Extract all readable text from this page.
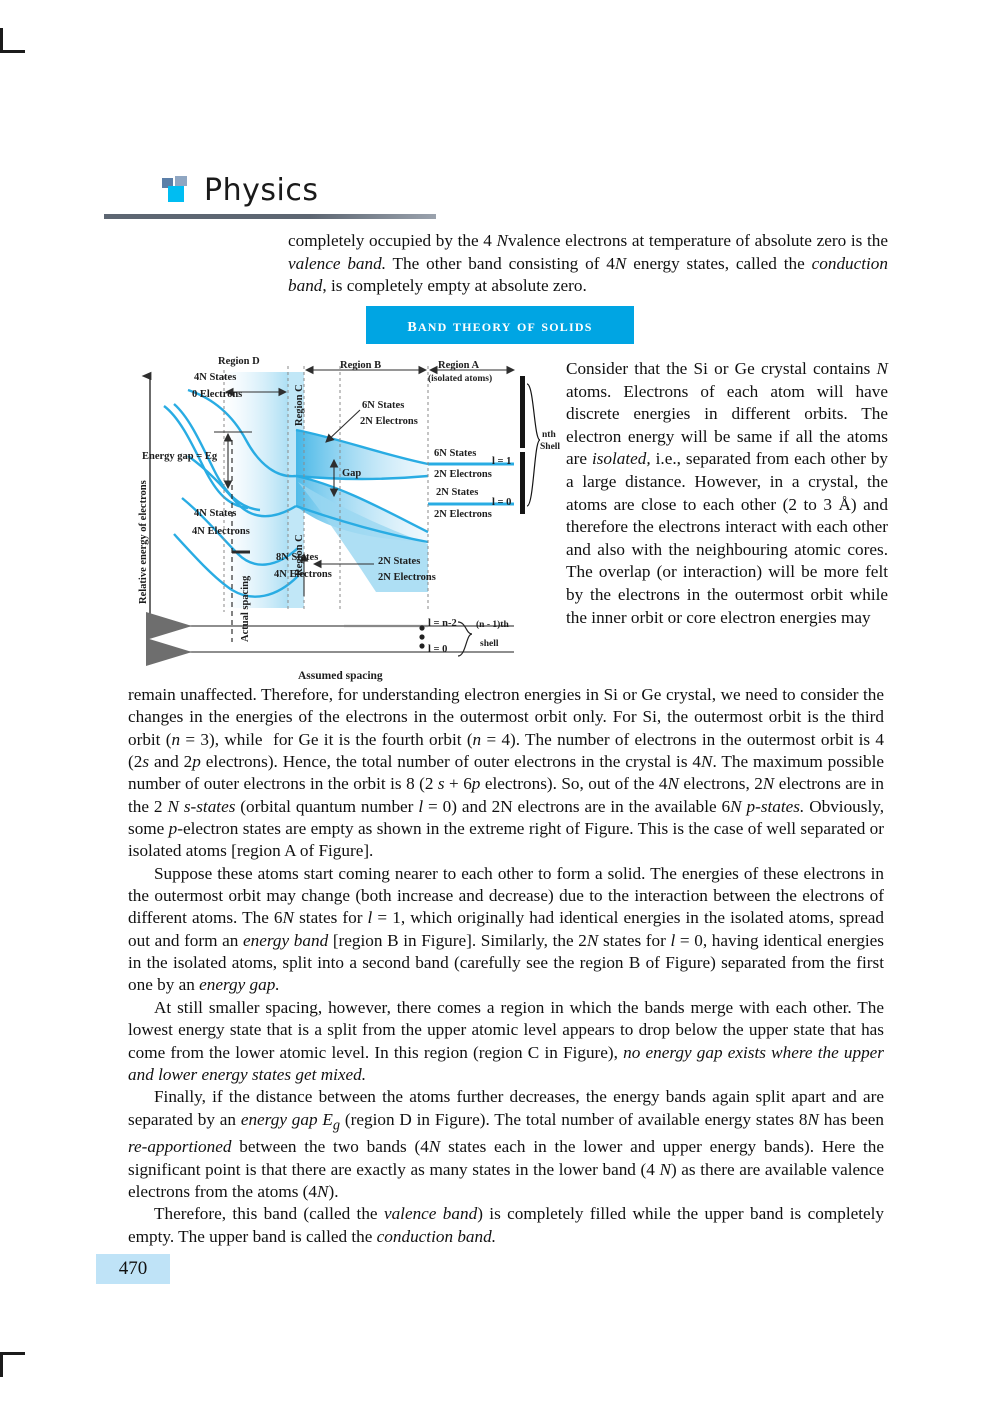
Physics
completely occupied by the 4 Nvalence electrons at temperature of absolute zero is the valence band. The other band consisting of 4N energy states, called the conduction band, is completely empty at absolute zero.
band theory of solids
Relative energy of electrons
Region D
Region C
Region C
Region B	Region A
(isolated atoms)
4N States
0 Electrons
Energy gap = Eg
4N States
4N Electrons
6N States
2N Electrons
Gap
2N States
2N Electrons
8N States
4N Electrons
6N States
2N Electrons
2N States
2N Electrons
l = 1
l = 0
nth
Shell
Actual spacing	l = n-2
l = 0
(n - 1)th
shell
Assumed spacing
Consider that the Si or Ge crystal contains N atoms. Electrons of each atom will have discrete energies in different orbits. The electron energy will be same if all the atoms are isolated, i.e., separated from each other by a large distance. However, in a crystal, the atoms are close to each other (2 to 3 Å) and therefore the electrons interact with each other and also with the neighbouring atomic cores. The overlap (or interaction) will be more felt by the electrons in the outermost orbit while the inner orbit or core electron energies may

remain unaffected. Therefore, for understanding electron energies in Si or Ge crystal, we need to consider the changes in the energies of the electrons in the outermost orbit only. For Si, the outermost orbit is the third orbit (n = 3), while  for Ge it is the fourth orbit (n = 4). The number of electrons in the outermost orbit is 4 (2s and 2p electrons). Hence, the total number of outer electrons in the crystal is 4N. The maximum possible number of outer electrons in the orbit is 8 (2 s + 6p electrons). So, out of the 4N electrons, 2N electrons are in the 2 N s-states (orbital quantum number l = 0) and 2N electrons are in the available 6N p-states. Obviously, some p-electron states are empty as shown in the extreme right of Figure. This is the case of well separated or isolated atoms [region A of Figure].

Suppose these atoms start coming nearer to each other to form a solid. The energies of these electrons in the outermost orbit may change (both increase and decrease) due to the interaction between the electrons of different atoms. The 6N states for l = 1, which originally had identical energies in the isolated atoms, spread out and form an energy band [region B in Figure]. Similarly, the 2N states for l = 0, having identical energies in the isolated atoms, split into a second band (carefully see the region B of Figure) separated from the first one by an energy gap.

At still smaller spacing, however, there comes a region in which the bands merge with each other. The lowest energy state that is a split from the upper atomic level appears to drop below the upper state that has come from the lower atomic level. In this region (region C in Figure), no energy gap exists where the upper and lower energy states get mixed.

Finally, if the distance between the atoms further decreases, the energy bands again split apart and are separated by an energy gap $E_g$ (region D in Figure). The total number of available energy states 8N has been re-apportioned between the two bands (4N states each in the lower and upper energy bands). Here the significant point is that there are exactly as many states in the lower band (4 N) as there are available valence electrons from the atoms (4N).

Therefore, this band (called the valence band) is completely filled while the upper band is completely empty. The upper band is called the conduction band.

470
